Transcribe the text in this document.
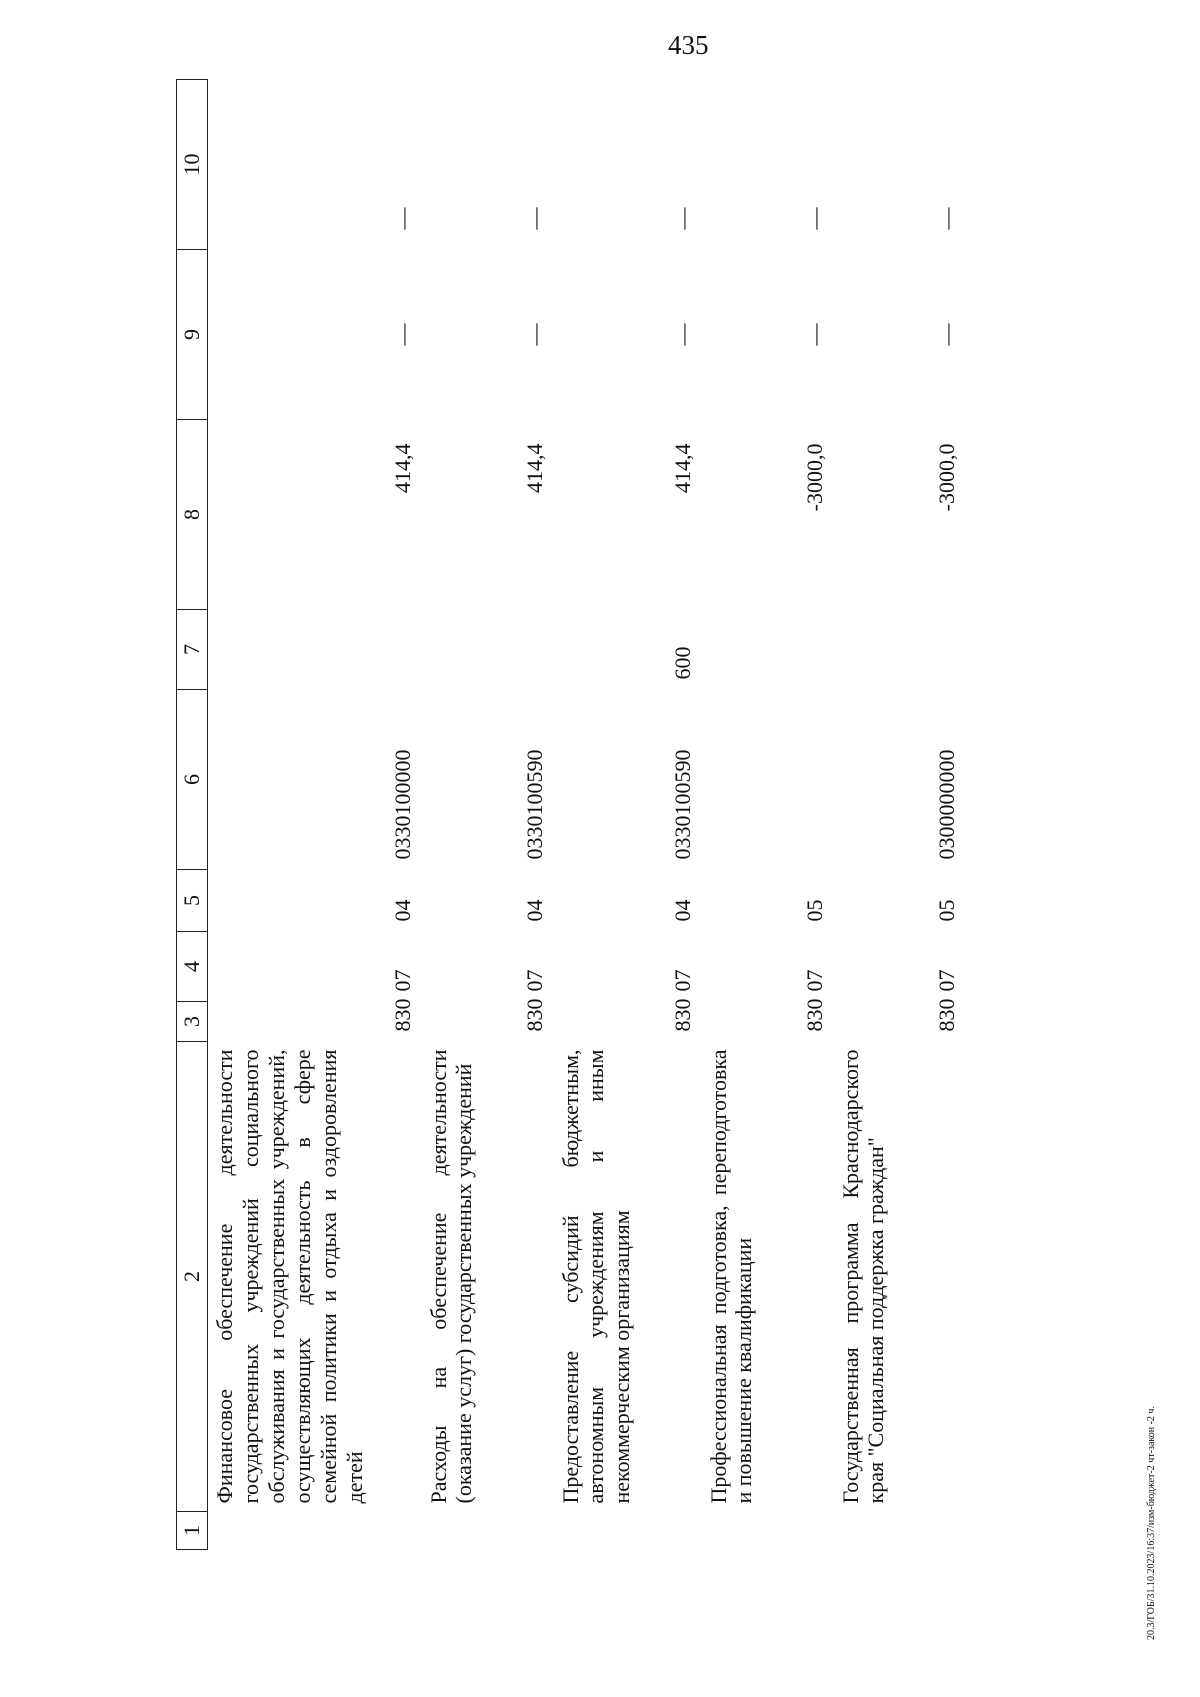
435
20.3/ГОБ/31.10.2023/16:37/изм-бюджет-2 чт-закон -2 ч.
1	2	3	4	5	6	7	8	9	10

	Финансовое обеспечение деятельности государственных учреждений социального обслуживания и государственных учреждений, осуществляющих деятельность в сфере семейной политики и отдыха и оздоровления детей	830	07	04	0330100000		414,4	—	—

	Расходы на обеспечение деятельности (оказание услуг) государственных учреждений	830	07	04	0330100590		414,4	—	—

	Предоставление субсидий бюджетным, автономным учреждениям и иным некоммерческим организациям	830	07	04	0330100590	600	414,4	—	—

	Профессиональная подготовка, переподготовка и повышение квалификации	830	07	05			-3000,0	—	—

	Государственная программа Краснодарского края "Социальная поддержка граждан"	830	07	05	0300000000		-3000,0	—	—
